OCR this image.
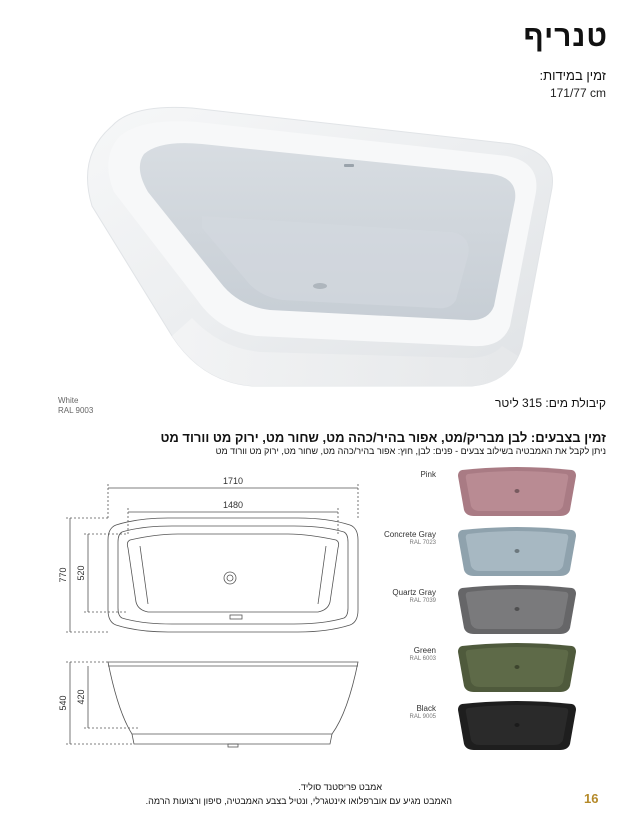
טנריף
זמין במידות:
171/77 cm
White
RAL 9003
קיבולת מים: 315 ליטר
זמין בצבעים: לבן מבריק/מט, אפור בהיר/כהה מט, שחור מט, ירוק מט וורוד מט
ניתן לקבל את האמבטיה בשילוב צבעים - פנים: לבן, חוץ: אפור בהיר/כהה מט, שחור מט, ירוק מט וורוד מט
1710
1480
770 520
540 420
Pink
Concrete Gray
RAL 7023
Quartz Gray
RAL 7039
Green
RAL 6003
Black
RAL 9005
אמבט פריסטנד סוליד.
האמבט מגיע עם אוברפלואו אינטגרלי, ונטיל בצבע האמבטיה, סיפון ורצועות הרמה.	16
